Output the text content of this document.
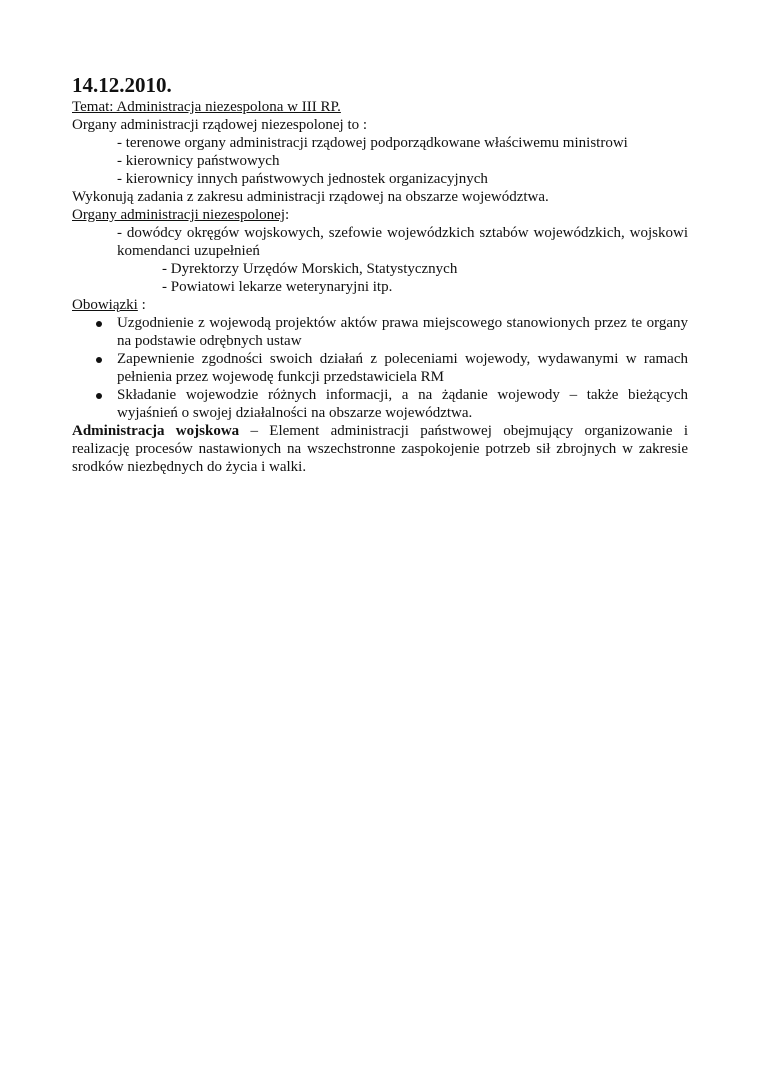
14.12.2010.
Temat: Administracja niezespolona w III RP.
Organy administracji rządowej niezespolonej to :
- terenowe organy administracji rządowej podporządkowane właściwemu ministrowi
- kierownicy państwowych
- kierownicy innych państwowych jednostek organizacyjnych
Wykonują zadania z zakresu administracji rządowej na obszarze województwa.
Organy administracji niezespolonej:
- dowódcy okręgów wojskowych, szefowie wojewódzkich sztabów wojewódzkich, wojskowi komendanci uzupełnień
- Dyrektorzy Urzędów Morskich, Statystycznych
- Powiatowi lekarze weterynaryjni itp.
Obowiązki :
Uzgodnienie z wojewodą projektów aktów prawa miejscowego stanowionych przez te organy na podstawie odrębnych ustaw
Zapewnienie zgodności swoich działań z poleceniami wojewody, wydawanymi w ramach pełnienia przez wojewodę funkcji przedstawiciela RM
Składanie wojewodzie różnych informacji, a na żądanie wojewody – także bieżących wyjaśnień o swojej działalności na obszarze województwa.
Administracja wojskowa – Element administracji państwowej obejmujący organizowanie i realizację procesów nastawionych na wszechstronne zaspokojenie potrzeb sił zbrojnych w zakresie srodków niezbędnych do życia i walki.
